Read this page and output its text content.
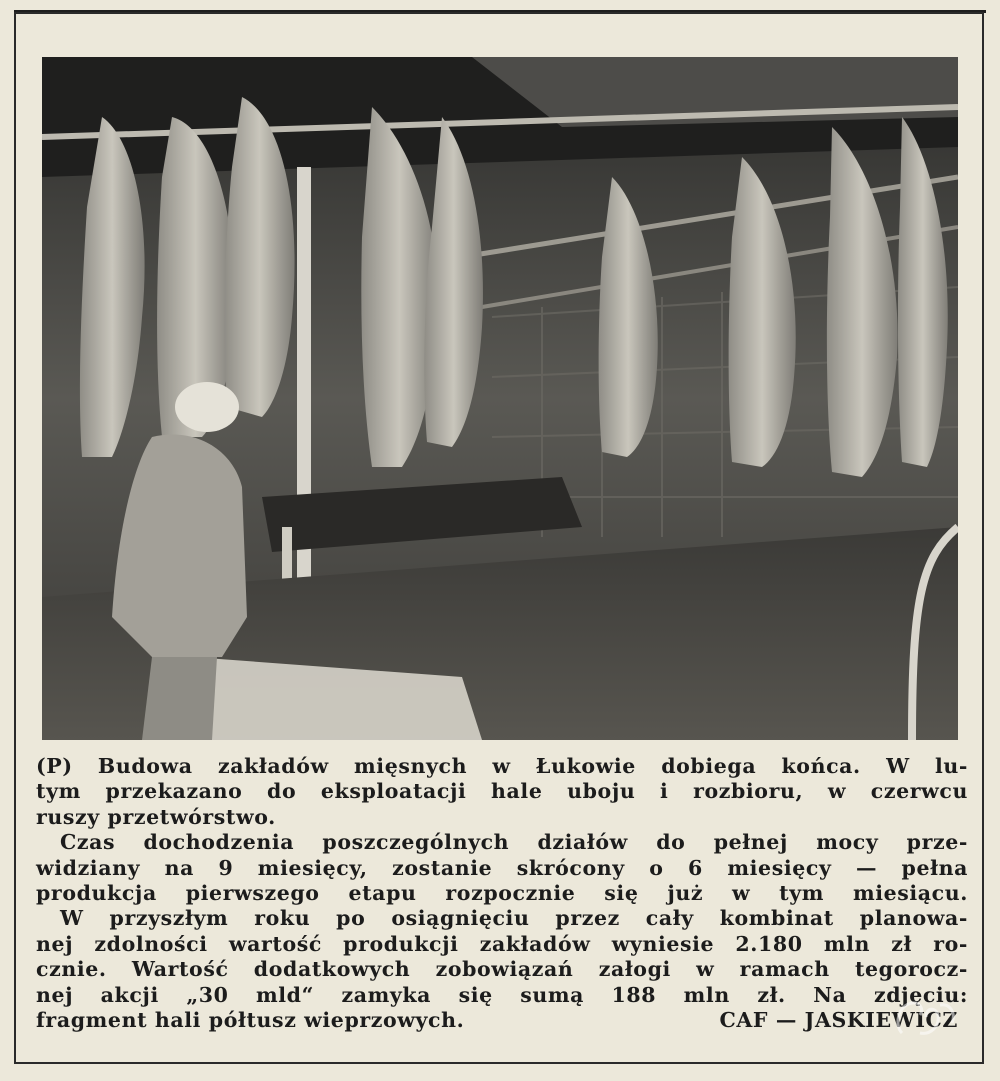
(P) Budowa zakładów mięsnych w Łukowie dobiega końca. W lu-

tym przekazano do eksploatacji hale uboju i rozbioru, w czerwcu

ruszy przetwórstwo.

Czas dochodzenia poszczególnych działów do pełnej mocy prze-

widziany na 9 miesięcy, zostanie skrócony o 6 miesięcy — pełna

produkcja pierwszego etapu rozpocznie się już w tym miesiącu.

W przyszłym roku po osiągnięciu przez cały kombinat planowa-

nej zdolności wartość produkcji zakładów wyniesie 2.180 mln zł ro-

cznie. Wartość dodatkowych zobowiązań załogi w ramach tegorocz-

nej akcji „30 mld“ zamyka się sumą 188 mln zł. Na zdjęciu:

fragment hali półtusz wieprzowych.	CAF — JASKIEWICZ
